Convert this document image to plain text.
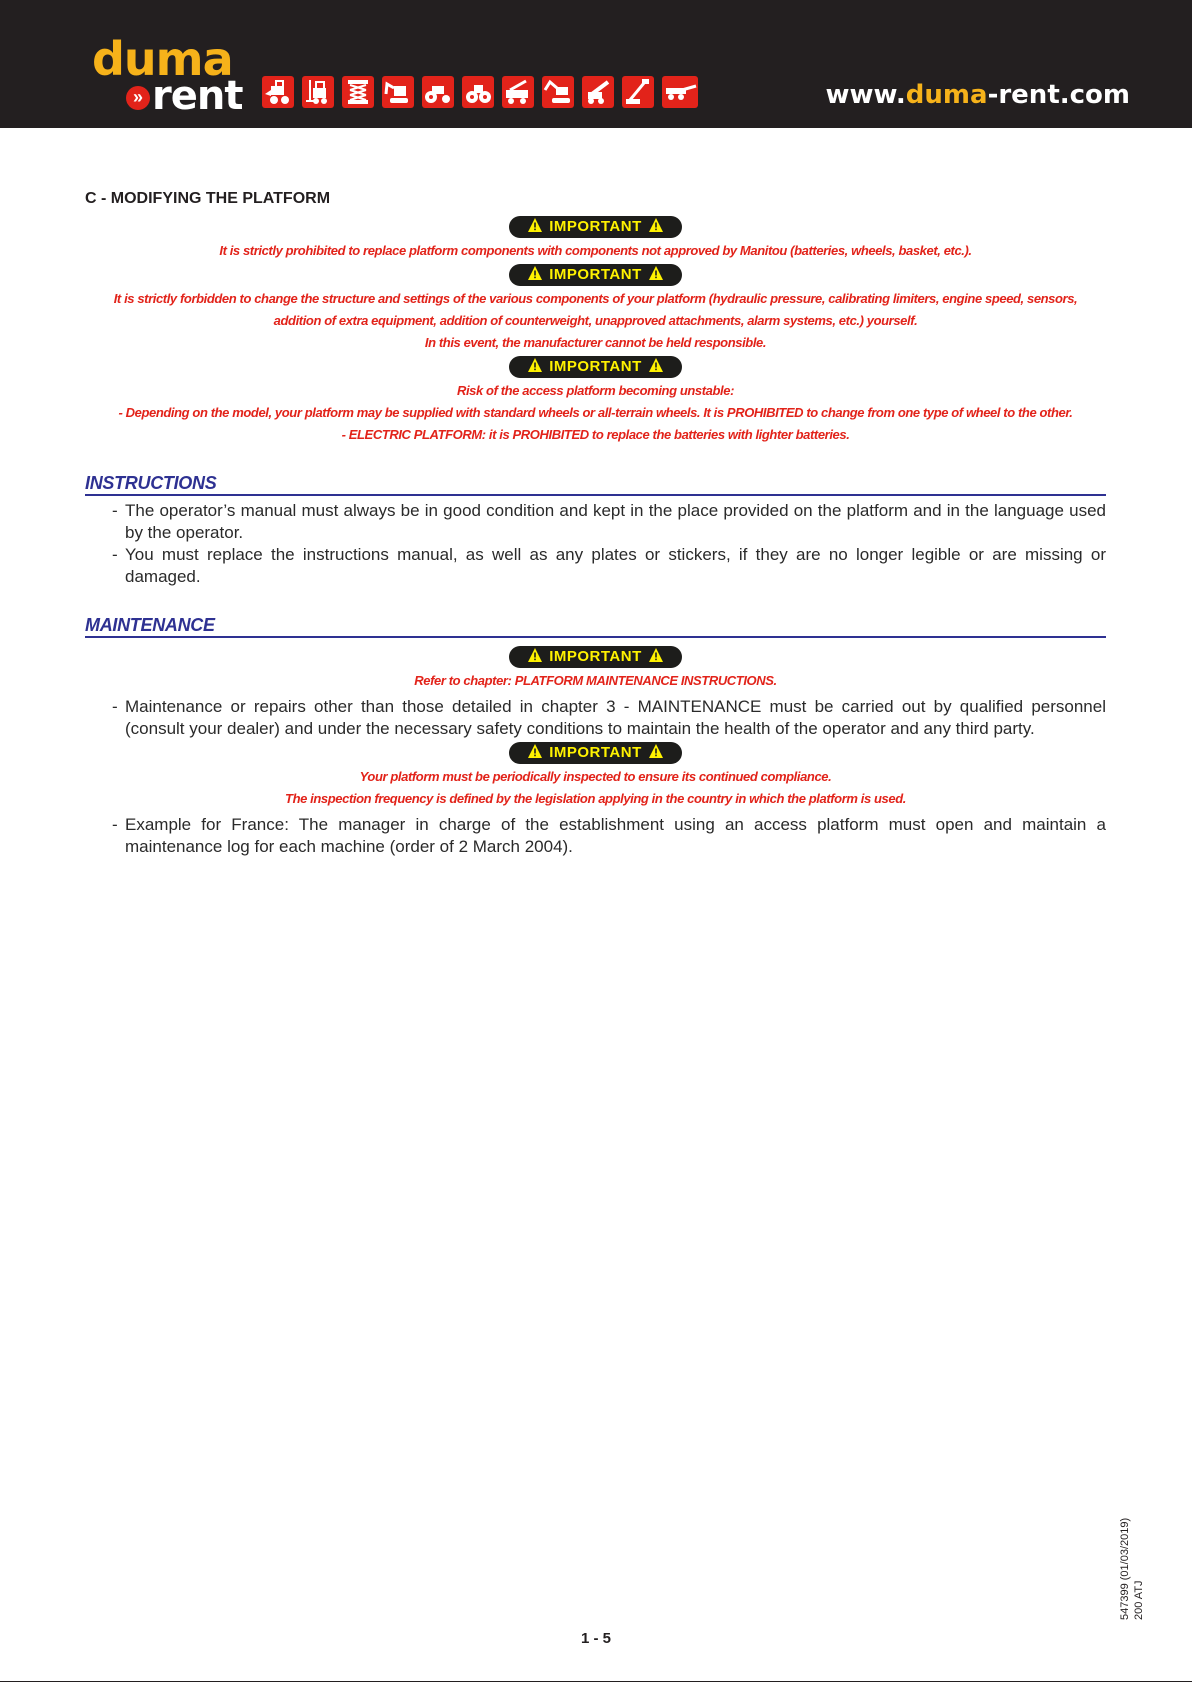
duma
» rent	www.duma-rent.com
C - MODIFYING THE PLATFORM
IMPORTANT
It is strictly prohibited to replace platform components with components not approved by Manitou (batteries, wheels, basket, etc.).
IMPORTANT
It is strictly forbidden to change the structure and settings of the various components of your platform (hydraulic pressure, calibrating limiters, engine speed, sensors,
addition of extra equipment, addition of counterweight, unapproved attachments, alarm systems, etc.) yourself.
In this event, the manufacturer cannot be held responsible.
IMPORTANT
Risk of the access platform becoming unstable:
- Depending on the model, your platform may be supplied with standard wheels or all-terrain wheels. It is PROHIBITED to change from one type of wheel to the other.
- ELECTRIC PLATFORM: it is PROHIBITED to replace the batteries with lighter batteries.
INSTRUCTIONS
- The operator’s manual must always be in good condition and kept in the place provided on the platform and in the language used by the operator.
- You must replace the instructions manual, as well as any plates or stickers, if they are no longer legible or are missing or damaged.
MAINTENANCE
IMPORTANT
Refer to chapter: PLATFORM MAINTENANCE INSTRUCTIONS.
- Maintenance or repairs other than those detailed in chapter 3 - MAINTENANCE must be carried out by qualified personnel (consult your dealer) and under the necessary safety conditions to maintain the health of the operator and any third party.
IMPORTANT
Your platform must be periodically inspected to ensure its continued compliance.
The inspection frequency is defined by the legislation applying in the country in which the platform is used.
- Example for France: The manager in charge of the establishment using an access platform must open and maintain a maintenance log for each machine (order of 2 March 2004).
547399 (01/03/2019) 200 ATJ
1 - 5
